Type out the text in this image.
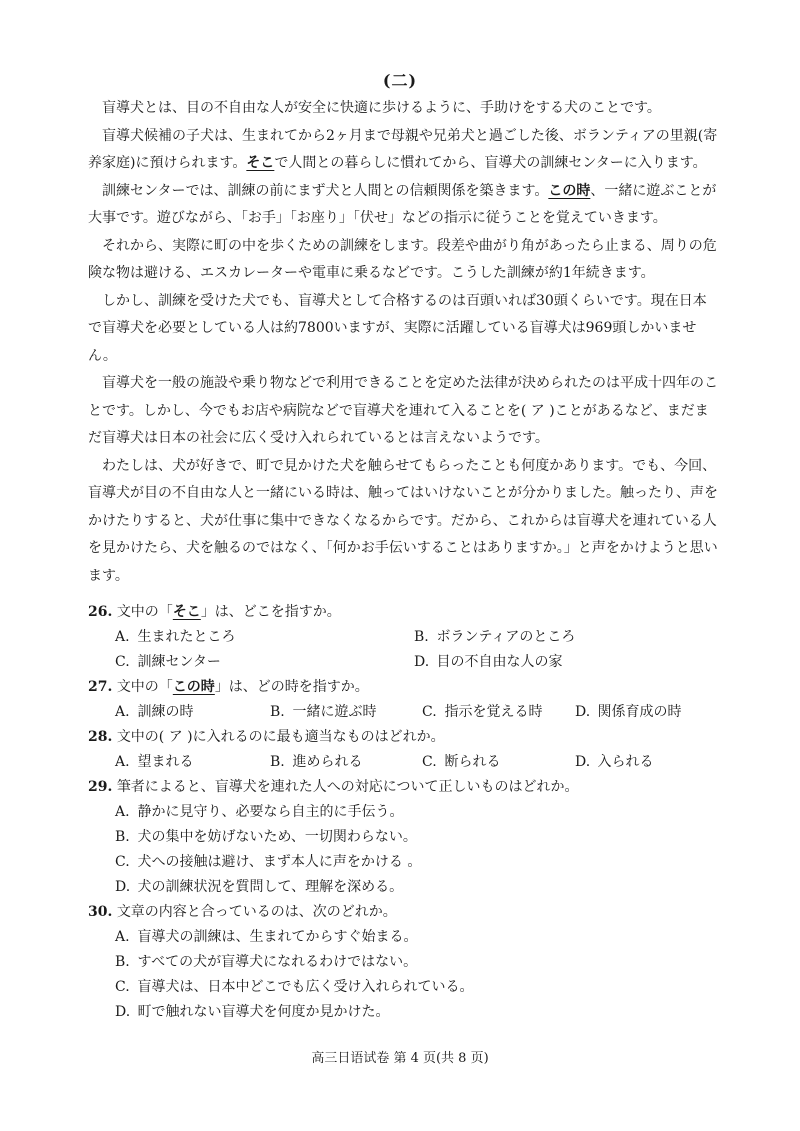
(二)

盲導犬とは、目の不自由な人が安全に快適に歩けるように、手助けをする犬のことです。

盲導犬候補の子犬は、生まれてから2ヶ月まで母親や兄弟犬と過ごした後、ボランティアの里親(寄养家庭)に預けられます。そこで人間との暮らしに慣れてから、盲導犬の訓練センターに入ります。

訓練センターでは、訓練の前にまず犬と人間との信頼関係を築きます。この時、一緒に遊ぶことが大事です。遊びながら、「お手」「お座り」「伏せ」などの指示に従うことを覚えていきます。

それから、実際に町の中を歩くための訓練をします。段差や曲がり角があったら止まる、周りの危険な物は避ける、エスカレーターや電車に乗るなどです。こうした訓練が約1年続きます。

しかし、訓練を受けた犬でも、盲導犬として合格するのは百頭いれば30頭くらいです。現在日本で盲導犬を必要としている人は約7800いますが、実際に活躍している盲導犬は969頭しかいません。

盲導犬を一般の施設や乗り物などで利用できることを定めた法律が決められたのは平成十四年のことです。しかし、今でもお店や病院などで盲導犬を連れて入ることを( ア )ことがあるなど、まだまだ盲導犬は日本の社会に広く受け入れられているとは言えないようです。

わたしは、犬が好きで、町で見かけた犬を触らせてもらったことも何度かあります。でも、今回、盲導犬が目の不自由な人と一緒にいる時は、触ってはいけないことが分かりました。触ったり、声をかけたりすると、犬が仕事に集中できなくなるからです。だから、これからは盲導犬を連れている人を見かけたら、犬を触るのではなく、「何かお手伝いすることはありますか。」と声をかけようと思います。

26. 文中の「そこ」は、どこを指すか。

A. 生まれたところ	B. ボランティアのところ
C. 訓練センター	D. 目の不自由な人の家

27. 文中の「この時」は、どの時を指すか。

A. 訓練の時	B. 一緒に遊ぶ時	C. 指示を覚える時	D. 関係育成の時

28. 文中の( ア )に入れるのに最も適当なものはどれか。

A. 望まれる	B. 進められる	C. 断られる	D. 入られる

29. 筆者によると、盲導犬を連れた人への対応について正しいものはどれか。

A. 静かに見守り、必要なら自主的に手伝う。
B. 犬の集中を妨げないため、一切関わらない。
C. 犬への接触は避け、まず本人に声をかける 。
D. 犬の訓練状況を質問して、理解を深める。

30. 文章の内容と合っているのは、次のどれか。

A. 盲導犬の訓練は、生まれてからすぐ始まる。
B. すべての犬が盲導犬になれるわけではない。
C. 盲導犬は、日本中どこでも広く受け入れられている。
D. 町で触れない盲導犬を何度か見かけた。
高三日语试卷 第 4 页(共 8 页)
